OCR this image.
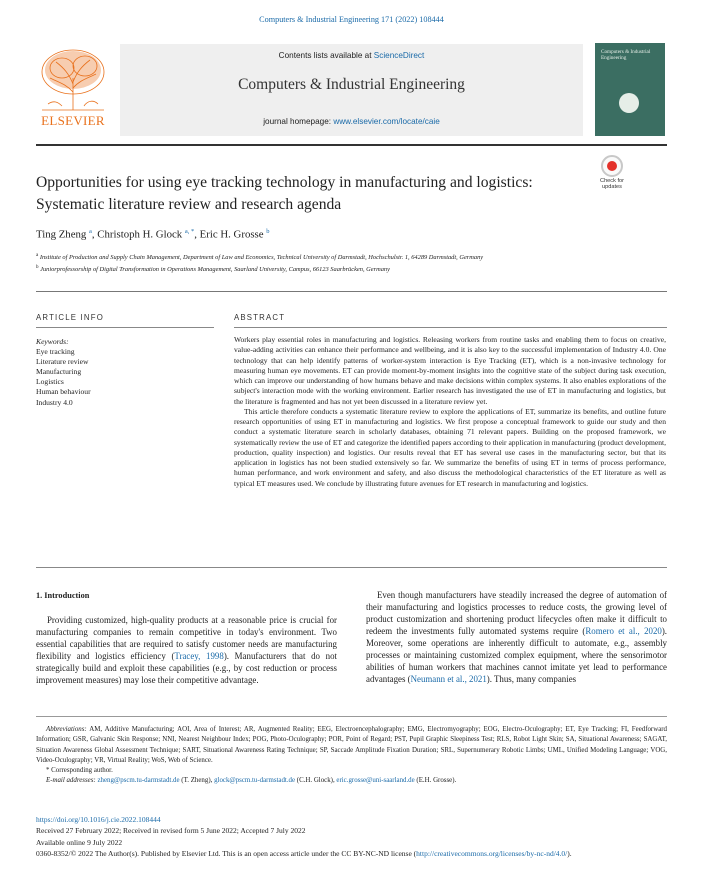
Computers & Industrial Engineering 171 (2022) 108444
ELSEVIER
Contents lists available at ScienceDirect
Computers & Industrial Engineering
journal homepage: www.elsevier.com/locate/caie
Computers & Industrial Engineering
Check for updates
Opportunities for using eye tracking technology in manufacturing and logistics: Systematic literature review and research agenda
Ting Zheng $^a$, Christoph H. Glock $^{a, *}$, Eric H. Grosse $^b$
$^a$ Institute of Production and Supply Chain Management, Department of Law and Economics, Technical University of Darmstadt, Hochschulstr. 1, 64289 Darmstadt, Germany
$^b$ Juniorprofessorship of Digital Transformation in Operations Management, Saarland University, Campus, 66123 Saarbrücken, Germany
ARTICLE INFO	ABSTRACT
Keywords:
Eye tracking
Literature review
Manufacturing
Logistics
Human behaviour
Industry 4.0

Workers play essential roles in manufacturing and logistics. Releasing workers from routine tasks and enabling them to focus on creative, value-adding activities can enhance their performance and wellbeing, and it is also key to the successful implementation of Industry 4.0. One technology that can help identify patterns of worker-system interaction is Eye Tracking (ET), which is a non-invasive technology for measuring human eye movements. ET can provide moment-by-moment insights into the cognitive state of the subject during task execution, which can improve our understanding of how humans behave and make decisions within complex systems. It also enables explorations of the subject's interaction mode with the working environment. Earlier research has investigated the use of ET in manufacturing and logistics, but the literature is fragmented and has not yet been discussed in a literature review yet.

This article therefore conducts a systematic literature review to explore the applications of ET, summarize its benefits, and outline future research opportunities of using ET in manufacturing and logistics. We first propose a conceptual framework to guide our study and then conduct a systematic literature search in scholarly databases, obtaining 71 relevant papers. Building on the proposed framework, we systematically review the use of ET and categorize the identified papers according to their application in manufacturing (product development, production, quality inspection) and logistics. Our results reveal that ET has several use cases in the manufacturing sector, but that its application in logistics has not been studied extensively so far. We summarize the benefits of using ET in terms of process performance, human performance, and work environment and safety, and also discuss the methodological characteristics of the ET literature as well as typical ET measures used. We conclude by illustrating future avenues for ET research in manufacturing and logistics.

1. Introduction

Providing customized, high-quality products at a reasonable price is crucial for manufacturing companies to remain competitive in today's environment. Two essential capabilities that are required to satisfy customer needs are manufacturing flexibility and logistics efficiency (Tracey, 1998). Manufacturers that do not strategically build and exploit these capabilities (e.g., by cost reduction or process improvement measures) may lose their competitive advantage.

Even though manufacturers have steadily increased the degree of automation of their manufacturing and logistics processes to reduce costs, the growing level of product customization and shortening product lifecycles often make it difficult to redeem the investments fully automated systems require (Romero et al., 2020). Moreover, some operations are inherently difficult to automate, e.g., assembly processes or maintaining customized complex equipment, where the sensorimotor abilities of human workers that machines cannot imitate yet lead to performance advantages (Neumann et al., 2021). Thus, many companies

Abbreviations: AM, Additive Manufacturing; AOI, Area of Interest; AR, Augmented Reality; EEG, Electroencephalography; EMG, Electromyography; EOG, Electro-Oculography; ET, Eye Tracking; FI, Feedforward Information; GSR, Galvanic Skin Response; NNI, Nearest Neighbour Index; POG, Photo-Oculography; POR, Point of Regard; PST, Pupil Graphic Sleepiness Test; RLS, Robot Light Skin; SA, Situational Awareness; SAGAT, Situation Awareness Global Assessment Technique; SART, Situational Awareness Rating Technique; SP, Saccade Amplitude Fixation Duration; SRL, Supernumerary Robotic Limbs; UML, Unified Modeling Language; VOG, Video-Oculography; VR, Virtual Reality; WoS, Web of Science.

* Corresponding author.

E-mail addresses: zheng@pscm.tu-darmstadt.de (T. Zheng), glock@pscm.tu-darmstadt.de (C.H. Glock), eric.grosse@uni-saarland.de (E.H. Grosse).

https://doi.org/10.1016/j.cie.2022.108444

Received 27 February 2022; Received in revised form 5 June 2022; Accepted 7 July 2022

Available online 9 July 2022

0360-8352/© 2022 The Author(s). Published by Elsevier Ltd. This is an open access article under the CC BY-NC-ND license (http://creativecommons.org/licenses/by-nc-nd/4.0/).
